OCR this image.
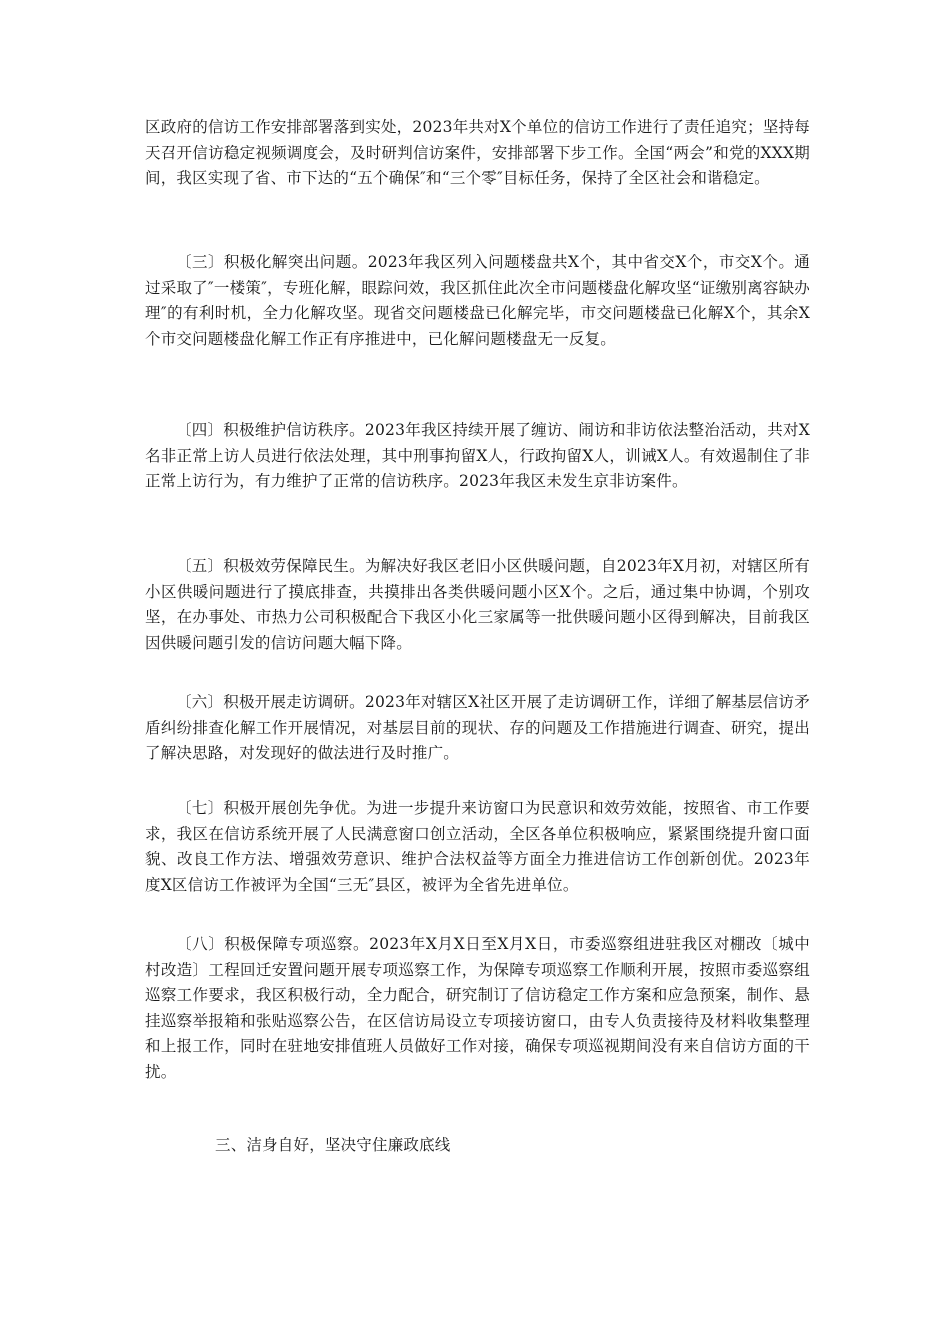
区政府的信访工作安排部署落到实处，2023年共对X个单位的信访工作进行了责任追究；坚持每天召开信访稳定视频调度会，及时研判信访案件，安排部署下步工作。全国“两会”和党的XXX期间，我区实现了省、市下达的“五个确保″和“三个零″目标任务，保持了全区社会和谐稳定。

〔三〕积极化解突出问题。2023年我区列入问题楼盘共X个，其中省交X个，市交X个。通过采取了″一楼策″，专班化解，眼踪问效，我区抓住此次全市问题楼盘化解攻坚“证缴别离容缺办理″的有利时机，全力化解攻坚。现省交问题楼盘已化解完毕，市交问题楼盘已化解X个，其余X个市交问题楼盘化解工作正有序推进中，已化解问题楼盘无一反复。

〔四〕积极维护信访秩序。2023年我区持续开展了缠访、闹访和非访依法整治活动，共对X名非正常上访人员进行依法处理，其中刑事拘留X人，行政拘留X人，训诫X人。有效遏制住了非正常上访行为，有力维护了正常的信访秩序。2023年我区未发生京非访案件。

〔五〕积极效劳保障民生。为解决好我区老旧小区供暖问题，自2023年X月初，对辖区所有小区供暖问题进行了摸底排查，共摸排出各类供暖问题小区X个。之后，通过集中协调，个别攻坚，在办事处、市热力公司积极配合下我区小化三家属等一批供暖问题小区得到解决，目前我区因供暖问题引发的信访问题大幅下降。

〔六〕积极开展走访调研。2023年对辖区X社区开展了走访调研工作，详细了解基层信访矛盾纠纷排查化解工作开展情况，对基层目前的现状、存的问题及工作措施进行调查、研究，提出了解决思路，对发现好的做法进行及时推广。

〔七〕积极开展创先争优。为进一步提升来访窗口为民意识和效劳效能，按照省、市工作要求，我区在信访系统开展了人民满意窗口创立活动，全区各单位积极响应，紧紧围绕提升窗口面貌、改良工作方法、增强效劳意识、维护合法权益等方面全力推进信访工作创新创优。2023年度X区信访工作被评为全国“三无″县区，被评为全省先进单位。

〔八〕积极保障专项巡察。2023年X月X日至X月X日，市委巡察组进驻我区对棚改〔城中村改造〕工程回迁安置问题开展专项巡察工作，为保障专项巡察工作顺利开展，按照市委巡察组巡察工作要求，我区积极行动，全力配合，研究制订了信访稳定工作方案和应急预案，制作、悬挂巡察举报箱和张贴巡察公告，在区信访局设立专项接访窗口，由专人负责接待及材料收集整理和上报工作，同时在驻地安排值班人员做好工作对接，确保专项巡视期间没有来自信访方面的干扰。

三、洁身自好，坚决守住廉政底线
